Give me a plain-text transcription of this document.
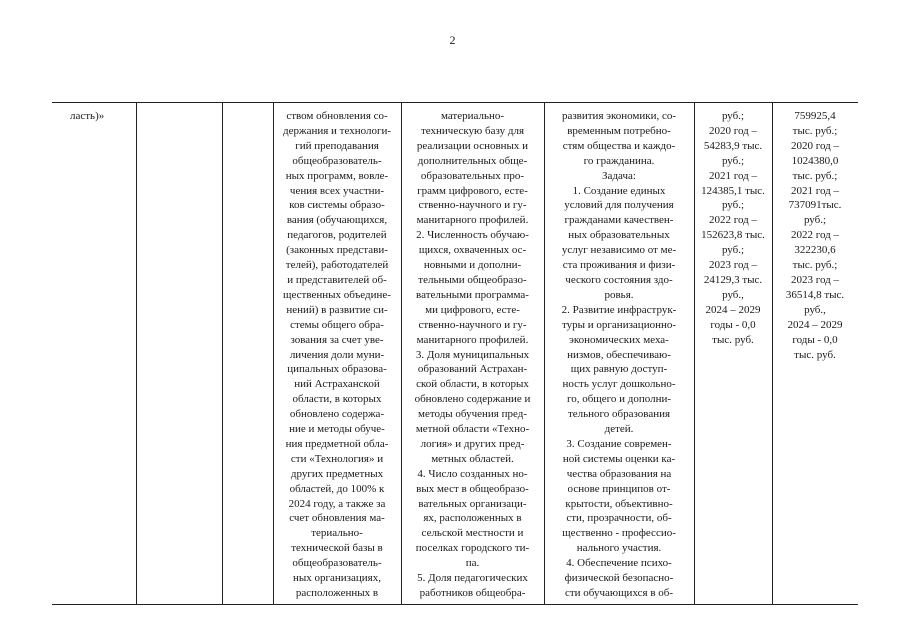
2
ласть)»	ством обновления со-
держания и технологи-
гий преподавания
общеобразователь-
ных программ, вовле-
чения всех участни-
ков системы образо-
вания (обучающихся,
педагогов, родителей
(законных представи-
телей), работодателей
и представителей об-
щественных объедине-
нений) в развитие си-
стемы общего обра-
зования за счет уве-
личения доли муни-
ципальных образова-
ний Астраханской
области, в которых
обновлено содержа-
ние и методы обуче-
ния предметной обла-
сти «Технология» и
других предметных
областей, до 100% к
2024 году, а также за
счет обновления ма-
териально-
технической базы в
общеобразователь-
ных организациях,
расположенных в
материально-
техническую базу для
реализации основных и
дополнительных обще-
образовательных про-
грамм цифрового, есте-
ственно-научного и гу-
манитарного профилей.
2. Численность обучаю-
щихся, охваченных ос-
новными и дополни-
тельными общеобразо-
вательными программа-
ми цифрового, есте-
ственно-научного и гу-
манитарного профилей.
3. Доля муниципальных
образований Астрахан-
ской области, в которых
обновлено содержание и
методы обучения пред-
метной области «Техно-
логия» и других пред-
метных областей.
4. Число созданных но-
вых мест в общеобразо-
вательных организаци-
ях, расположенных в
сельской местности и
поселках городского ти-
па.
5. Доля педагогических
работников общеобра-
развития экономики, со-
временным потребно-
стям общества и каждо-
го гражданина.
Задача:
1. Создание единых
условий для получения
гражданами качествен-
ных образовательных
услуг независимо от ме-
ста проживания и физи-
ческого состояния здо-
ровья.
2. Развитие инфраструк-
туры и организационно-
экономических меха-
низмов, обеспечиваю-
щих равную доступ-
ность услуг дошкольно-
го, общего и дополни-
тельного образования
детей.
3. Создание современ-
ной системы оценки ка-
чества образования на
основе принципов от-
крытости, объективно-
сти, прозрачности, об-
щественно - профессио-
нального участия.
4. Обеспечение психо-
физической безопасно-
сти обучающихся в об-
руб.;
2020 год –
54283,9 тыс.
руб.;
2021 год –
124385,1 тыс.
руб.;
2022 год –
152623,8 тыс.
руб.;
2023 год –
24129,3 тыс.
руб.,
2024 – 2029
годы - 0,0
тыс. руб.
759925,4
тыс. руб.;
2020 год –
1024380,0
тыс. руб.;
2021 год –
737091тыс.
руб.;
2022 год –
322230,6
тыс. руб.;
2023 год –
36514,8 тыс.
руб.,
2024 – 2029
годы - 0,0
тыс. руб.
